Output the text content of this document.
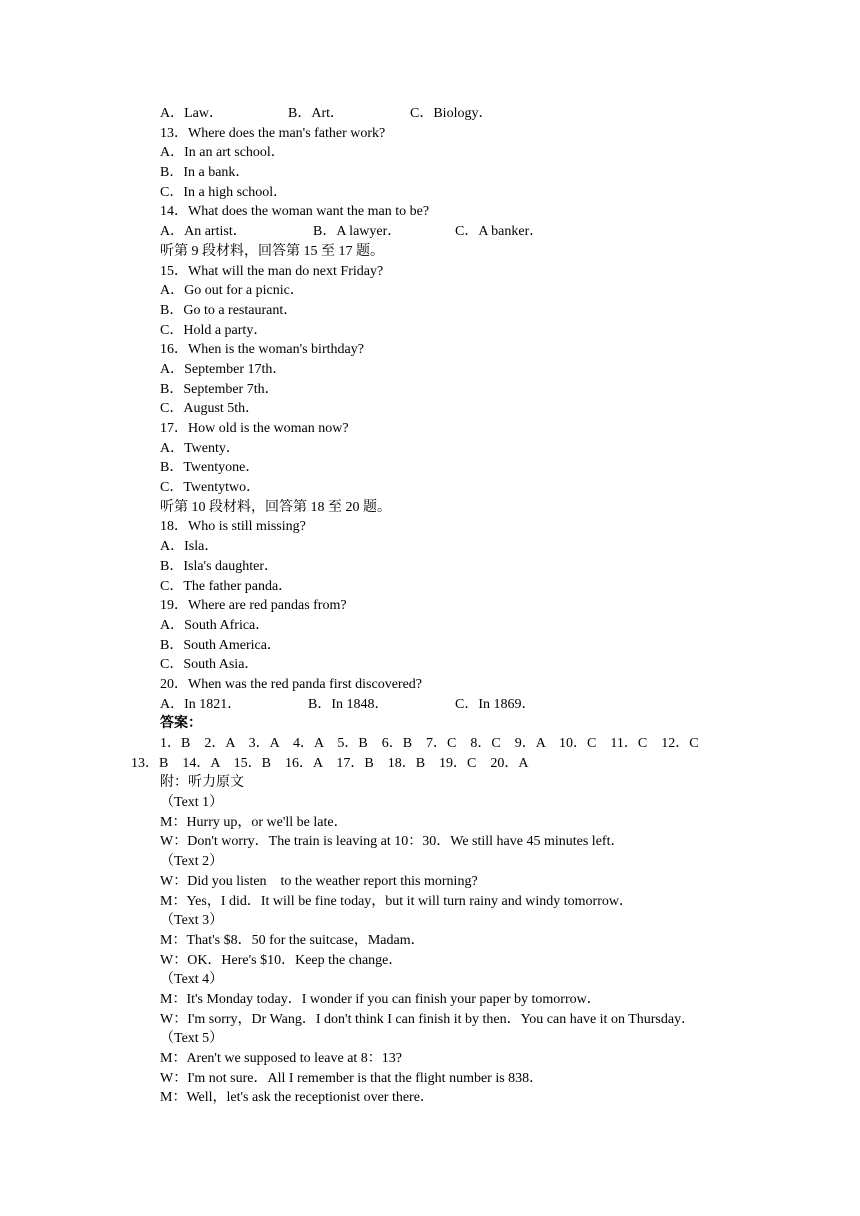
A．Law．	B．Art．	C．Biology．
13．Where does the man's father work?
A．In an art school．
B．In a bank．
C．In a high school．
14．What does the woman want the man to be?
A．An artist．	B．A lawyer．	C．A banker．
听第 9 段材料，回答第 15 至 17 题。
15．What will the man do next Friday?
A．Go out for a picnic．
B．Go to a restaurant．
C．Hold a party．
16．When is the woman's birthday?
A．September 17th．
B．September 7th．
C．August 5th．
17．How old is the woman now?
A．Twenty．
B．Twentyone．
C．Twentytwo．
听第 10 段材料，回答第 18 至 20 题。
18．Who is still missing?
A．Isla．
B．Isla's daughter．
C．The father panda．
19．Where are red pandas from?
A．South Africa．
B．South America．
C．South Asia．
20．When was the red panda first discovered?
A．In 1821．	B．In 1848．	C．In 1869．
答案：
1．B　2．A　3．A　4．A　5．B　6．B　7．C　8．C　9．A　10．C　11．C　12．C
13．B　14．A　15．B　16．A　17．B　18．B　19．C　20．A
附：听力原文
（Text 1）
M：Hurry up，or we'll be late．
W：Don't worry．The train is leaving at 10：30．We still have 45 minutes left．
（Text 2）
W：Did you listen　to the weather report this morning?
M：Yes，I did．It will be fine today，but it will turn rainy and windy tomorrow．
（Text 3）
M：That's $8．50 for the suitcase，Madam．
W：OK．Here's $10．Keep the change．
（Text 4）
M：It's Monday today．I wonder if you can finish your paper by tomorrow．
W：I'm sorry，Dr Wang．I don't think I can finish it by then．You can have it on Thursday．
（Text 5）
M：Aren't we supposed to leave at 8：13?
W：I'm not sure．All I remember is that the flight number is 838．
M：Well，let's ask the receptionist over there．
